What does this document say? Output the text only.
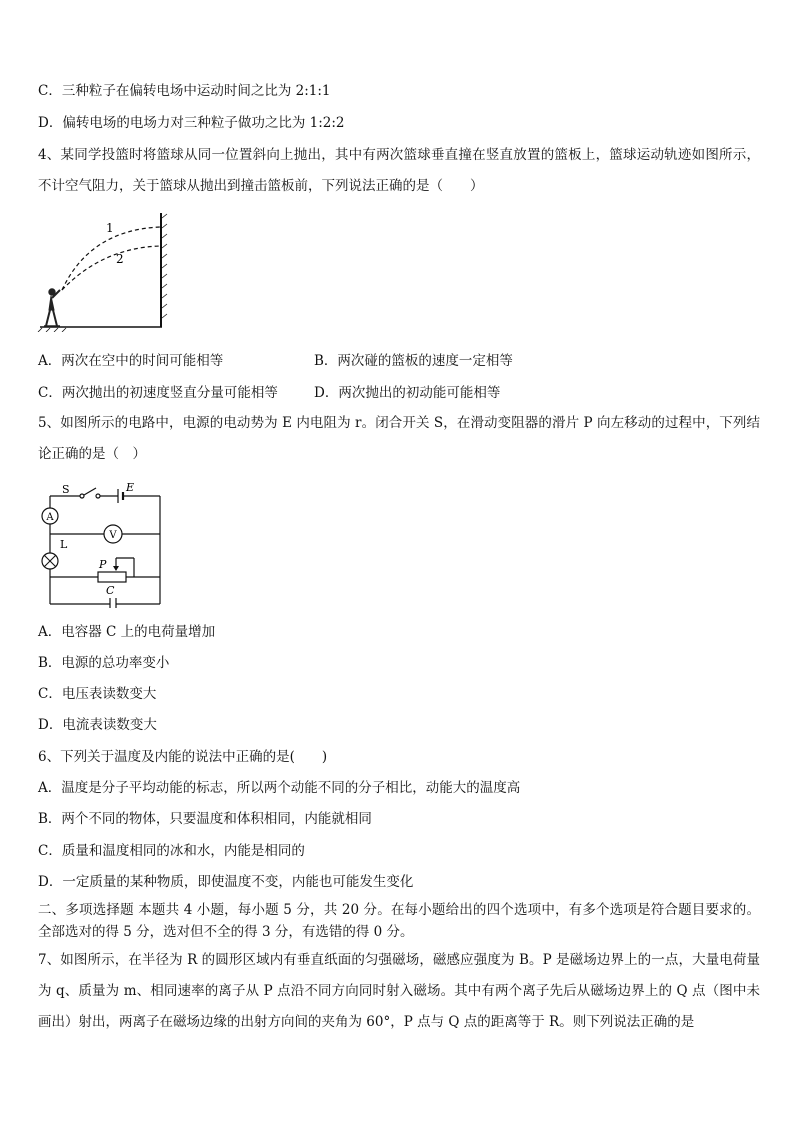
C．三种粒子在偏转电场中运动时间之比为 2:1:1
D．偏转电场的电场力对三种粒子做功之比为 1:2:2
4、某同学投篮时将篮球从同一位置斜向上抛出，其中有两次篮球垂直撞在竖直放置的篮板上，篮球运动轨迹如图所示，不计空气阻力，关于篮球从抛出到撞击篮板前，下列说法正确的是（　　）
1
2
A．两次在空中的时间可能相等	B．两次碰的篮板的速度一定相等
C．两次抛出的初速度竖直分量可能相等	D．两次抛出的初动能可能相等
5、如图所示的电路中，电源的电动势为 E 内电阻为 r。闭合开关 S，在滑动变阻器的滑片 P 向左移动的过程中，下列结论正确的是（　）
A
V
S	E
L
P
C
A．电容器 C 上的电荷量增加
B．电源的总功率变小
C．电压表读数变大
D．电流表读数变大
6、下列关于温度及内能的说法中正确的是(　　)
A．温度是分子平均动能的标志，所以两个动能不同的分子相比，动能大的温度高
B．两个不同的物体，只要温度和体积相同，内能就相同
C．质量和温度相同的冰和水，内能是相同的
D．一定质量的某种物质，即使温度不变，内能也可能发生变化
二、多项选择题 本题共 4 小题，每小题 5 分，共 20 分。在每小题给出的四个选项中，有多个选项是符合题目要求的。全部选对的得 5 分，选对但不全的得 3 分，有选错的得 0 分。
7、如图所示，在半径为 R 的圆形区域内有垂直纸面的匀强磁场，磁感应强度为 B。P 是磁场边界上的一点，大量电荷量为 q、质量为 m、相同速率的离子从 P 点沿不同方向同时射入磁场。其中有两个离子先后从磁场边界上的 Q 点（图中未画出）射出，两离子在磁场边缘的出射方向间的夹角为 60°，P 点与 Q 点的距离等于 R。则下列说法正确的是
